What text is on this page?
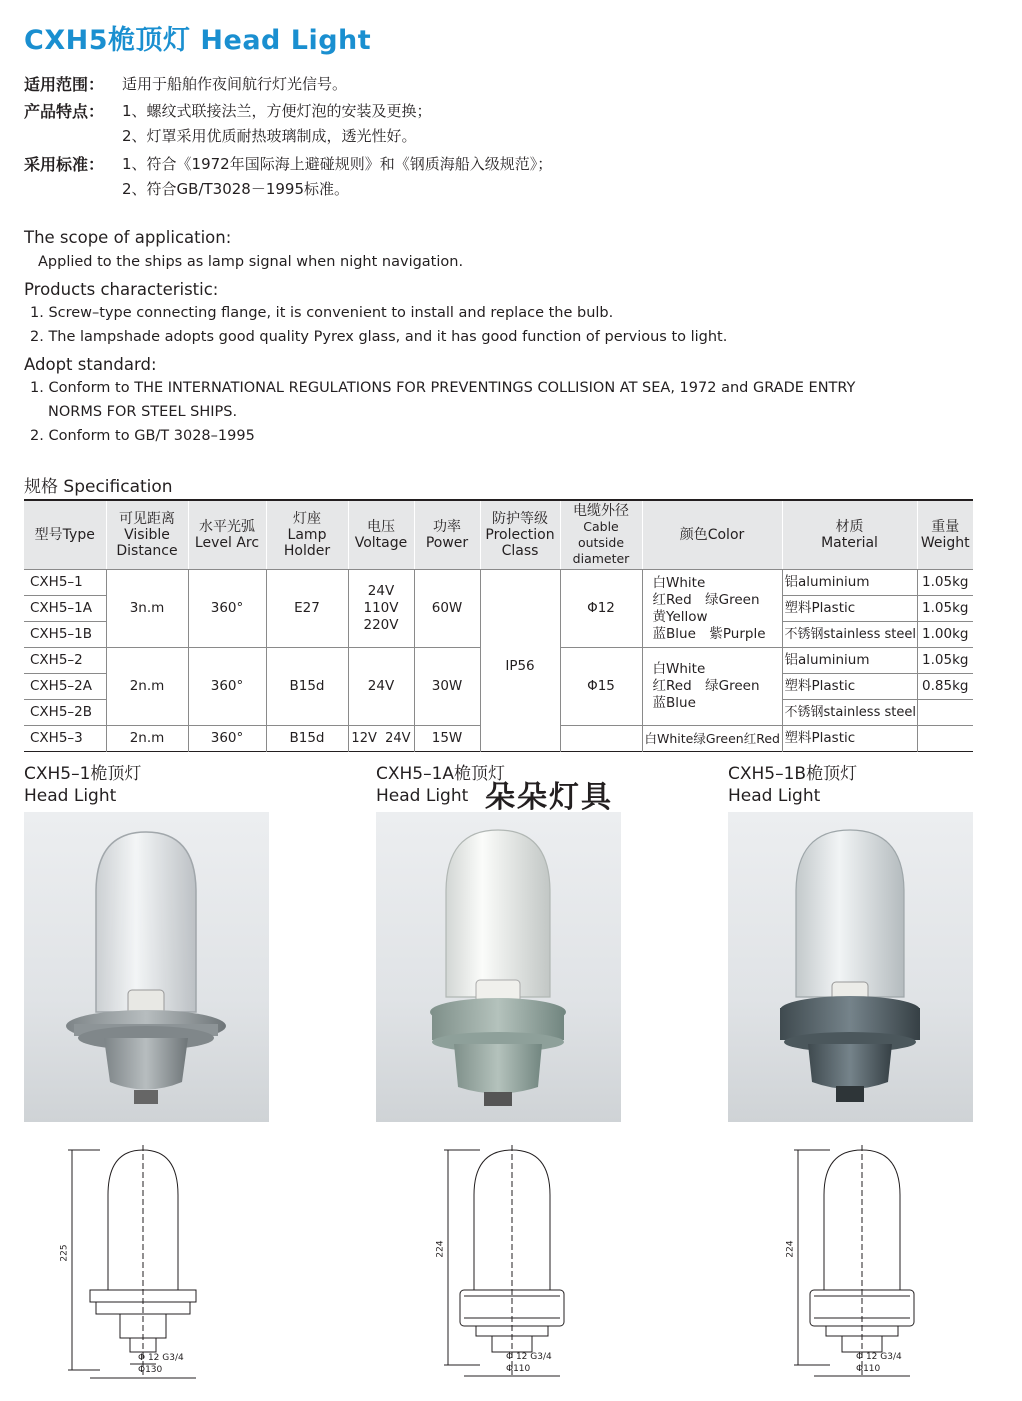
CXH5桅顶灯 Head Light
适用范围：	适用于船舶作夜间航行灯光信号。
产品特点：	1、螺纹式联接法兰，方便灯泡的安装及更换；
2、灯罩采用优质耐热玻璃制成，透光性好。
采用标准：	1、符合《1972年国际海上避碰规则》和《钢质海船入级规范》；
2、符合GB/T3028－1995标准。
The scope of application:
Applied to the ships as lamp signal when night navigation.
Products characteristic:
1. Screw–type connecting flange, it is convenient to install and replace the bulb.
2. The lampshade adopts good quality Pyrex glass, and it has good function of pervious to light.
Adopt standard:
1. Conform to THE INTERNATIONAL REGULATIONS FOR PREVENTINGS COLLISION AT SEA, 1972 and GRADE ENTRY
NORMS FOR STEEL SHIPS.
2. Conform to GB/T 3028–1995
规格 Specification
型号Type	可见距离
Visible
Distance	水平光弧
Level Arc	灯座
Lamp
Holder	电压
Voltage	功率
Power	防护等级
Prolection
Class	电缆外径
Cable outside
diameter	颜色Color	材质
Material	重量
Weight
CXH5–1	3n.m	360°	E27	24V
110V
220V	60W	IP56	Φ12	白White
红Red　绿Green
黄Yellow
蓝Blue　紫Purple	铝aluminium	1.05kg
CXH5–1A									塑料Plastic	1.05kg
CXH5–1B									不锈钢stainless steel	1.00kg
CXH5–2	2n.m	360°	B15d	24V	30W		Φ15	白White
红Red　绿Green
蓝Blue	铝aluminium	1.05kg
CXH5–2A									塑料Plastic	0.85kg
CXH5–2B									不锈钢stainless steel	
CXH5–3	2n.m	360°	B15d	12V  24V	15W			白White绿Green红Red	塑料Plastic	
CXH5–1桅顶灯
Head Light
CXH5–1A桅顶灯
Head Light
CXH5–1B桅顶灯
Head Light
朵朵灯具
225
Φ 12 G3/4
Φ130
224
Φ 12 G3/4
Φ110
224
Φ 12 G3/4
Φ110
